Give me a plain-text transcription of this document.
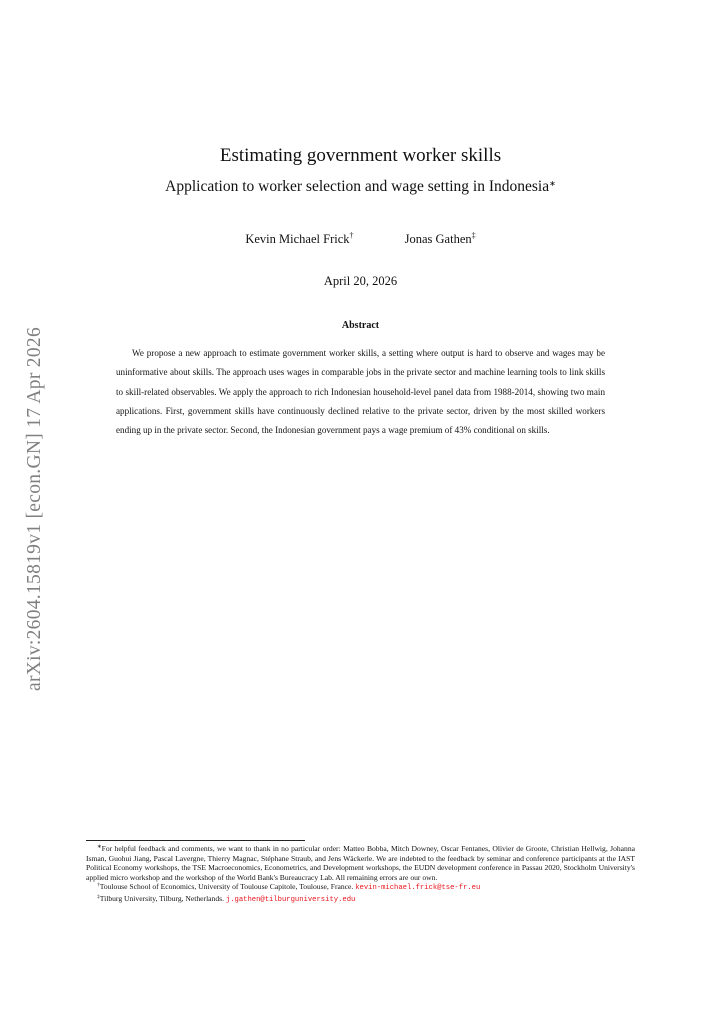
arXiv:2604.15819v1 [econ.GN] 17 Apr 2026
Estimating government worker skills
Application to worker selection and wage setting in Indonesia∗
Kevin Michael Frick†	Jonas Gathen‡
April 20, 2026
Abstract
We propose a new approach to estimate government worker skills, a setting where output is hard to observe and wages may be uninformative about skills. The approach uses wages in comparable jobs in the private sector and machine learning tools to link skills to skill-related observables. We apply the approach to rich Indonesian household-level panel data from 1988-2014, showing two main applications. First, government skills have continuously declined relative to the private sector, driven by the most skilled workers ending up in the private sector. Second, the Indonesian government pays a wage premium of 43% conditional on skills.

∗For helpful feedback and comments, we want to thank in no particular order: Matteo Bobba, Mitch Downey, Oscar Fentanes, Olivier de Groote, Christian Hellwig, Johanna Isman, Guohui Jiang, Pascal Lavergne, Thierry Magnac, Stéphane Straub, and Jens Wäckerle. We are indebted to the feedback by seminar and conference participants at the IAST Political Economy workshops, the TSE Macroeconomics, Econometrics, and Development workshops, the EUDN development conference in Passau 2020, Stockholm University's applied micro workshop and the workshop of the World Bank's Bureaucracy Lab. All remaining errors are our own.

†Toulouse School of Economics, University of Toulouse Capitole, Toulouse, France. kevin-michael.frick@tse-fr.eu

‡Tilburg University, Tilburg, Netherlands. j.gathen@tilburguniversity.edu
